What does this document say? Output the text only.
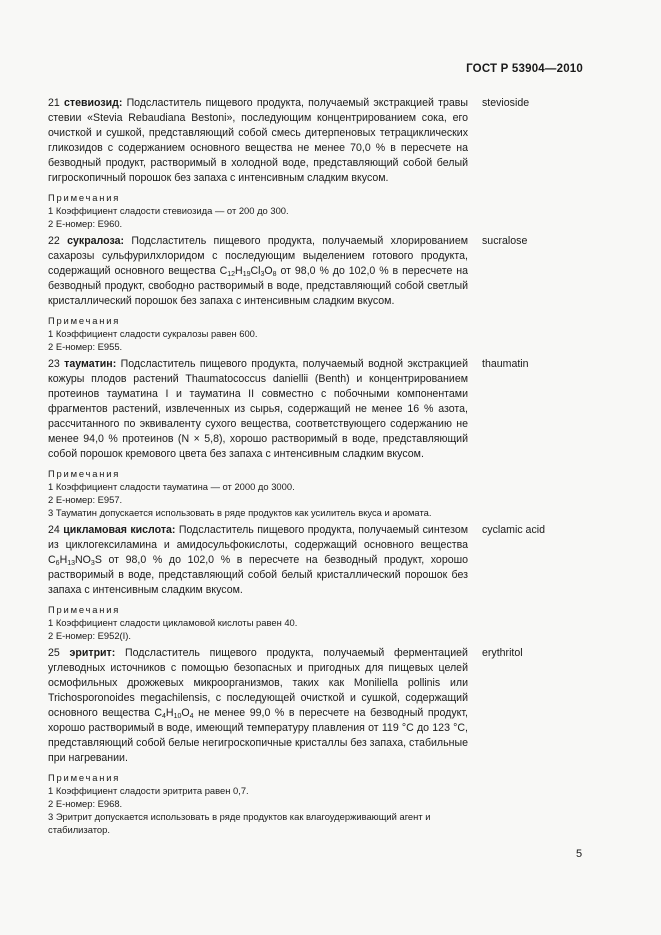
ГОСТ Р 53904—2010
21 стевиозид: Подсластитель пищевого продукта, получаемый экстракцией травы стевии «Stevia Rebaudiana Bestoni», последующим концентрированием сока, его очисткой и сушкой, представляющий собой смесь дитерпеновых тетрациклических гликозидов с содержанием основного вещества не менее 70,0 % в пересчете на безводный продукт, растворимый в холодной воде, представляющий собой белый гигроскопичный порошок без запаха с интенсивным сладким вкусом.
stevioside
Примечания
1 Коэффициент сладости стевиозида — от 200 до 300.
2 Е-номер: Е960.
22 сукралоза: Подсластитель пищевого продукта, получаемый хлорированием сахарозы сульфурилхлоридом с последующим выделением готового продукта, содержащий основного вещества $C_{12}H_{19}Cl_3O_8$ от 98,0 % до 102,0 % в пересчете на безводный продукт, свободно растворимый в воде, представляющий собой светлый кристаллический порошок без запаха с интенсивным сладким вкусом.
sucralose
Примечания
1 Коэффициент сладости сукралозы равен 600.
2 Е-номер: Е955.
23 тауматин: Подсластитель пищевого продукта, получаемый водной экстракцией кожуры плодов растений Thaumatococcus daniellii (Benth) и концентрированием протеинов тауматина I и тауматина II совместно с побочными компонентами фрагментов растений, извлеченных из сырья, содержащий не менее 16 % азота, рассчитанного по эквиваленту сухого вещества, соответствующего содержанию не менее 94,0 % протеинов (N × 5,8), хорошо растворимый в воде, представляющий собой порошок кремового цвета без запаха с интенсивным сладким вкусом.
thaumatin
Примечания
1 Коэффициент сладости тауматина — от 2000 до 3000.
2 Е-номер: Е957.
3 Тауматин допускается использовать в ряде продуктов как усилитель вкуса и аромата.
24 цикламовая кислота: Подсластитель пищевого продукта, получаемый синтезом из циклогексиламина и амидосульфокислоты, содержащий основного вещества $C_6H_{13}NO_3S$ от 98,0 % до 102,0 % в пересчете на безводный продукт, хорошо растворимый в воде, представляющий собой белый кристаллический порошок без запаха с интенсивным сладким вкусом.
cyclamic acid
Примечания
1 Коэффициент сладости цикламовой кислоты равен 40.
2 Е-номер: Е952(I).
25 эритрит: Подсластитель пищевого продукта, получаемый ферментацией углеводных источников с помощью безопасных и пригодных для пищевых целей осмофильных дрожжевых микроорганизмов, таких как Moniliella pollinis или Trichosporonoides megachilensis, с последующей очисткой и сушкой, содержащий основного вещества $C_4H_{10}O_4$ не менее 99,0 % в пересчете на безводный продукт, хорошо растворимый в воде, имеющий температуру плавления от 119 °C до 123 °C, представляющий собой белые негигроскопичные кристаллы без запаха, стабильные при нагревании.
erythritol
Примечания
1 Коэффициент сладости эритрита равен 0,7.
2 Е-номер: Е968.
3 Эритрит допускается использовать в ряде продуктов как влагоудерживающий агент и стабилизатор.
5
